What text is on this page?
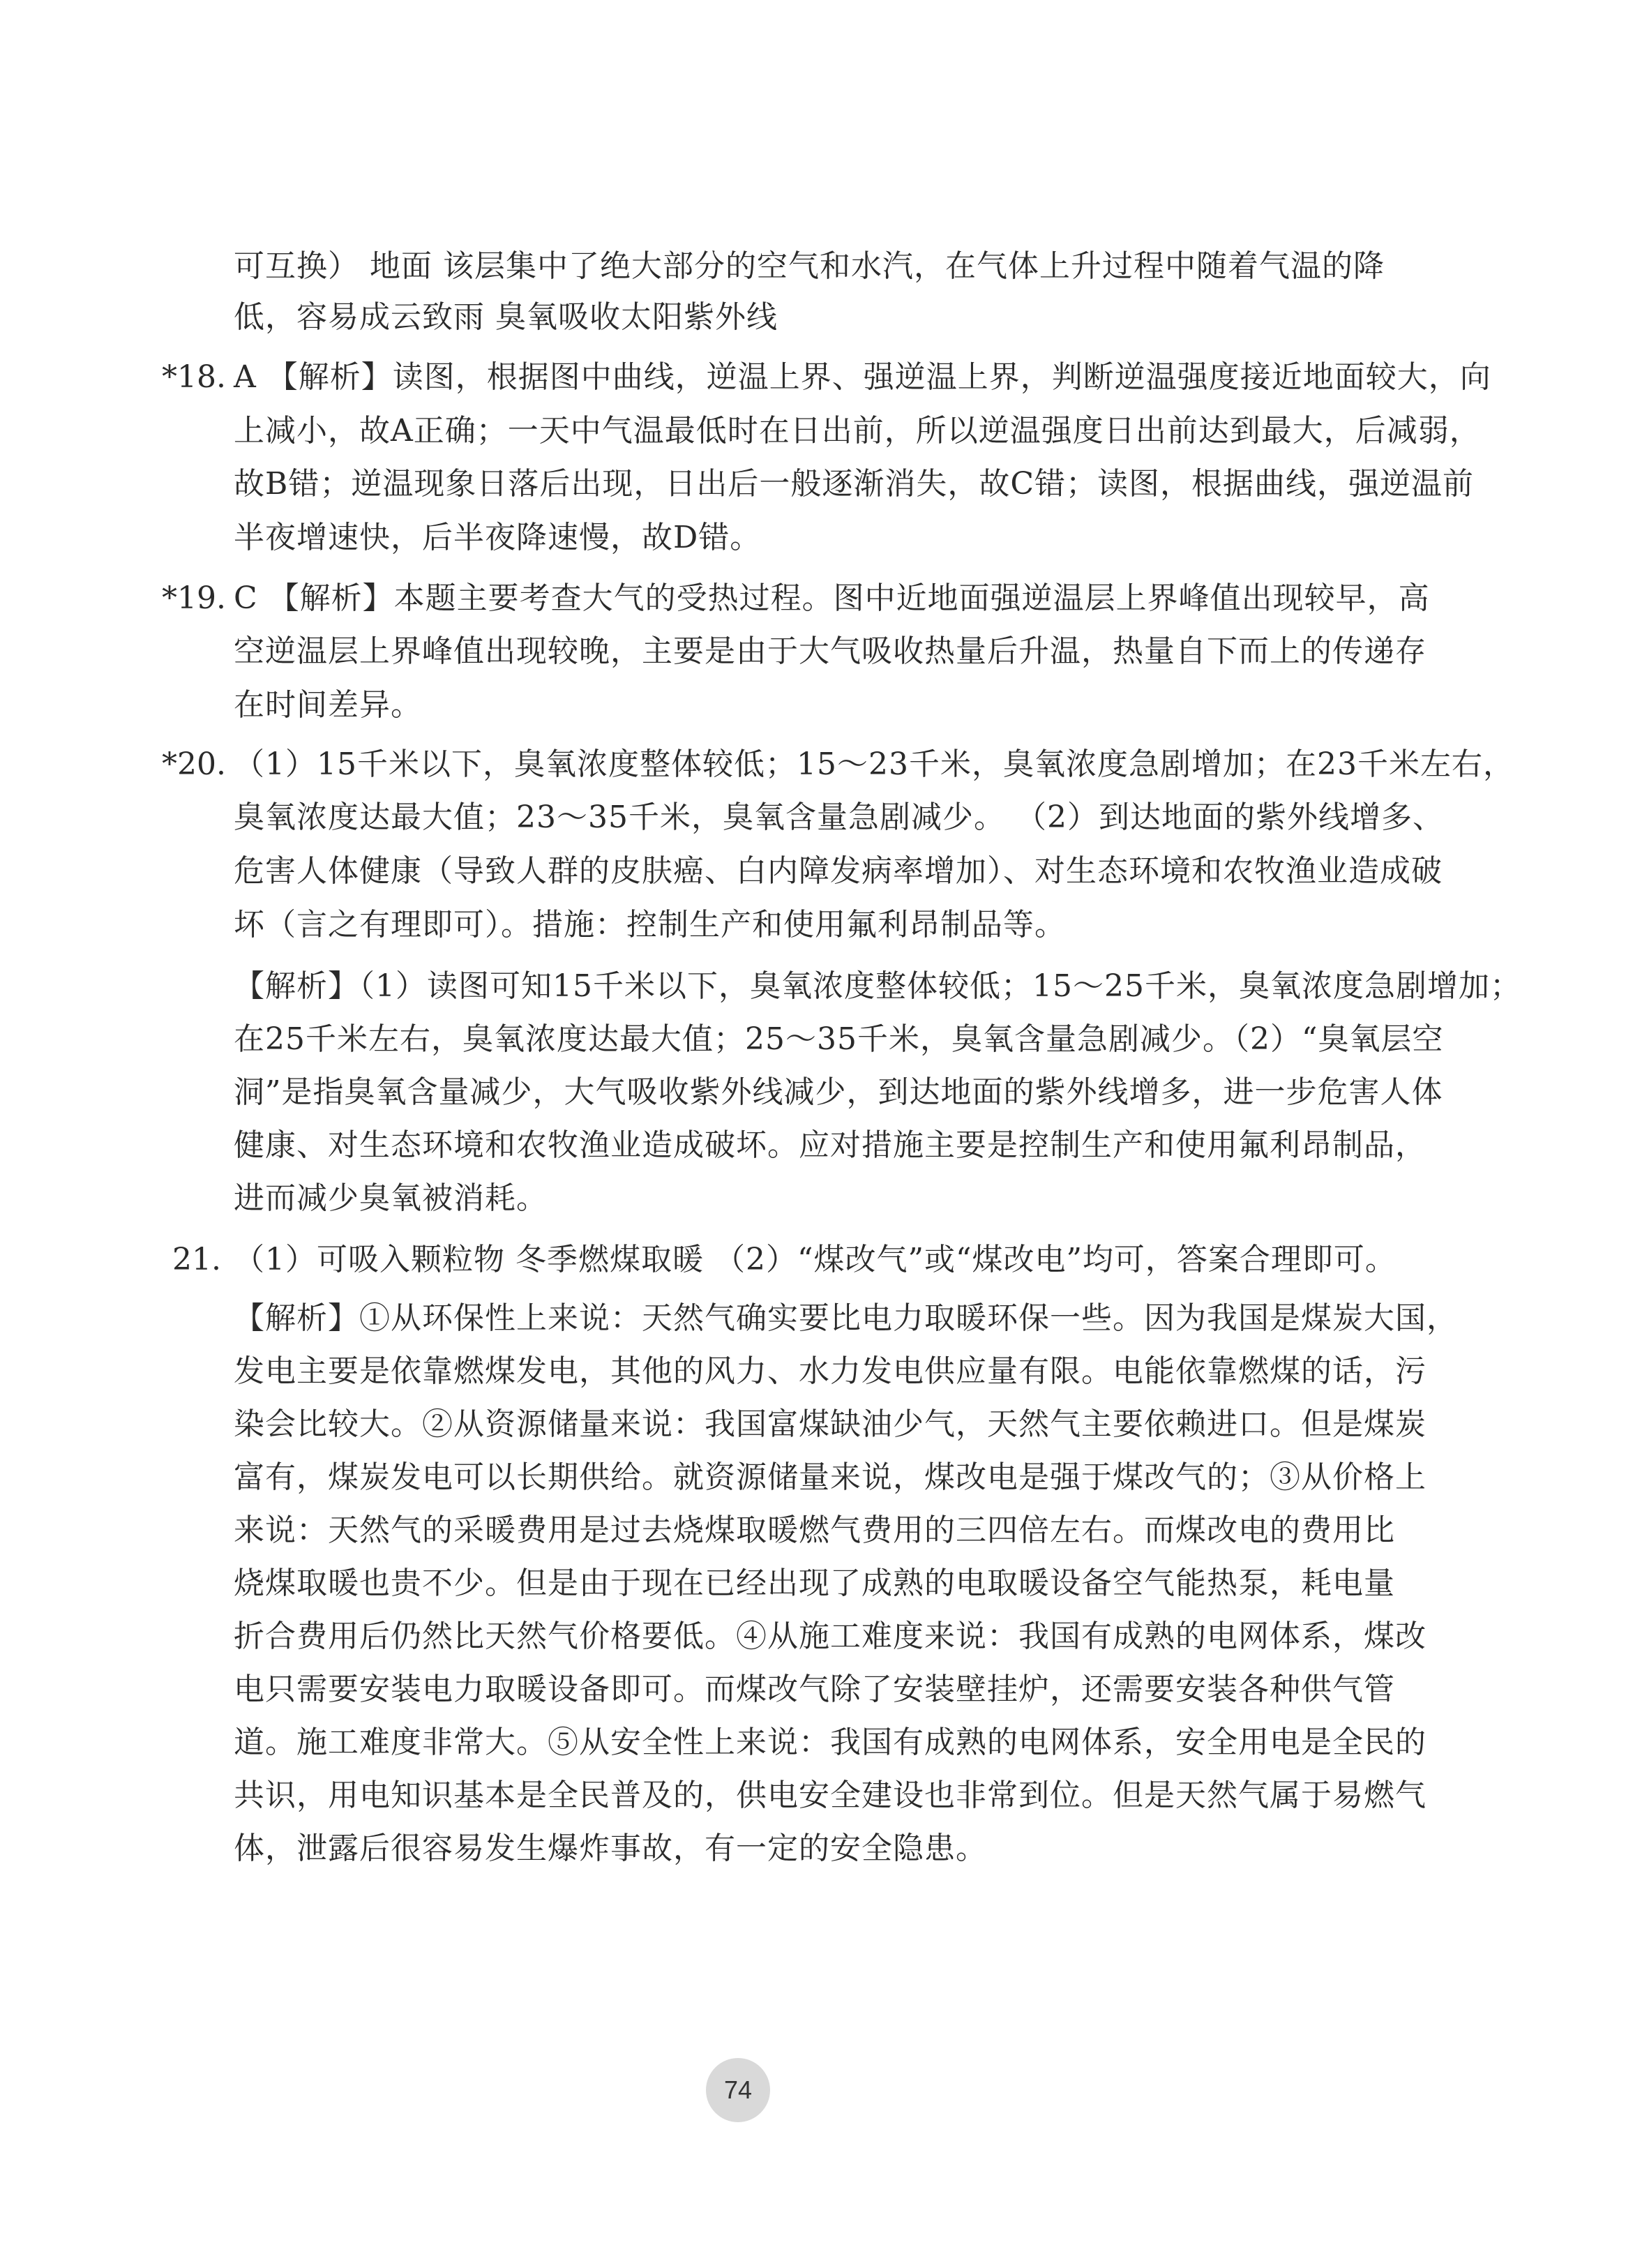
可互换） 地面 该层集中了绝大部分的空气和水汽，在气体上升过程中随着气温的降
低，容易成云致雨 臭氧吸收太阳紫外线
*18. A 【解析】读图，根据图中曲线，逆温上界、强逆温上界，判断逆温强度接近地面较大，向
上减小，故A正确；一天中气温最低时在日出前，所以逆温强度日出前达到最大，后减弱，
故B错；逆温现象日落后出现，日出后一般逐渐消失，故C错；读图，根据曲线，强逆温前
半夜增速快，后半夜降速慢，故D错。
*19. C 【解析】本题主要考查大气的受热过程。图中近地面强逆温层上界峰值出现较早，高
空逆温层上界峰值出现较晚，主要是由于大气吸收热量后升温，热量自下而上的传递存
在时间差异。
*20. （1）15千米以下，臭氧浓度整体较低；15～23千米，臭氧浓度急剧增加；在23千米左右，
臭氧浓度达最大值；23～35千米，臭氧含量急剧减少。 （2）到达地面的紫外线增多、
危害人体健康（导致人群的皮肤癌、白内障发病率增加）、对生态环境和农牧渔业造成破
坏（言之有理即可）。措施：控制生产和使用氟利昂制品等。
【解析】（1）读图可知15千米以下，臭氧浓度整体较低；15～25千米，臭氧浓度急剧增加；
在25千米左右，臭氧浓度达最大值；25～35千米，臭氧含量急剧减少。（2）“臭氧层空
洞”是指臭氧含量减少，大气吸收紫外线减少，到达地面的紫外线增多，进一步危害人体
健康、对生态环境和农牧渔业造成破坏。应对措施主要是控制生产和使用氟利昂制品，
进而减少臭氧被消耗。
21. （1）可吸入颗粒物 冬季燃煤取暖 （2）“煤改气”或“煤改电”均可，答案合理即可。
【解析】①从环保性上来说：天然气确实要比电力取暖环保一些。因为我国是煤炭大国，
发电主要是依靠燃煤发电，其他的风力、水力发电供应量有限。电能依靠燃煤的话，污
染会比较大。②从资源储量来说：我国富煤缺油少气，天然气主要依赖进口。但是煤炭
富有，煤炭发电可以长期供给。就资源储量来说，煤改电是强于煤改气的；③从价格上
来说：天然气的采暖费用是过去烧煤取暖燃气费用的三四倍左右。而煤改电的费用比
烧煤取暖也贵不少。但是由于现在已经出现了成熟的电取暖设备空气能热泵，耗电量
折合费用后仍然比天然气价格要低。④从施工难度来说：我国有成熟的电网体系，煤改
电只需要安装电力取暖设备即可。而煤改气除了安装壁挂炉，还需要安装各种供气管
道。施工难度非常大。⑤从安全性上来说：我国有成熟的电网体系，安全用电是全民的
共识，用电知识基本是全民普及的，供电安全建设也非常到位。但是天然气属于易燃气
体，泄露后很容易发生爆炸事故，有一定的安全隐患。
74
